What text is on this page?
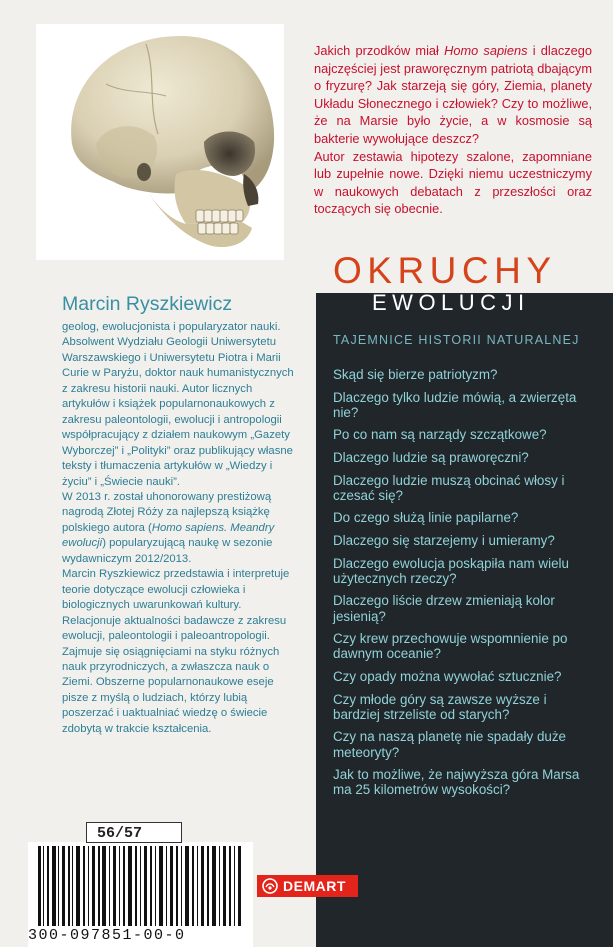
Jakich przodków miał Homo sapiens i dlaczego najczęściej jest praworęcznym patriotą dbającym o fryzurę? Jak starzeją się góry, Ziemia, planety Układu Słonecznego i człowiek? Czy to możliwe, że na Marsie było życie, a w kosmosie są bakterie wywołujące deszcz?

Autor zestawia hipotezy szalone, zapomniane lub zupełnie nowe. Dzięki niemu uczestniczymy w naukowych debatach z przeszłości oraz toczących się obecnie.

OKRUCHY
EWOLUCJI
TAJEMNICE HISTORII NATURALNEJ
Skąd się bierze patriotyzm?
Dlaczego tylko ludzie mówią, a zwierzęta nie?
Po co nam są narządy szczątkowe?
Dlaczego ludzie są praworęczni?
Dlaczego ludzie muszą obcinać włosy i czesać się?
Do czego służą linie papilarne?
Dlaczego się starzejemy i umieramy?
Dlaczego ewolucja poskąpiła nam wielu użytecznych rzeczy?
Dlaczego liście drzew zmieniają kolor jesienią?
Czy krew przechowuje wspomnienie po dawnym oceanie?
Czy opady można wywołać sztucznie?
Czy młode góry są zawsze wyższe i bardziej strzeliste od starych?
Czy na naszą planetę nie spadały duże meteoryty?
Jak to możliwe, że najwyższa góra Marsa ma 25 kilometrów wysokości?
Marcin Ryszkiewicz

geolog, ewolucjonista i popularyzator nauki. Absolwent Wydziału Geologii Uniwersytetu Warszawskiego i Uniwersytetu Piotra i Marii Curie w Paryżu, doktor nauk humanistycznych z zakresu historii nauki. Autor licznych artykułów i książek popularnonaukowych z zakresu paleontologii, ewolucji i antropologii współpracujący z działem naukowym „Gazety Wyborczej” i „Polityki” oraz publikujący własne teksty i tłumaczenia artykułów w „Wiedzy i życiu” i „Świecie nauki”.

W 2013 r. został uhonorowany prestiżową nagrodą Złotej Róży za najlepszą książkę polskiego autora (Homo sapiens. Meandry ewolucji) popularyzującą naukę w sezonie wydawniczym 2012/2013.

Marcin Ryszkiewicz przedstawia i interpretuje teorie dotyczące ewolucji człowieka i biologicznych uwarunkowań kultury. Relacjonuje aktualności badawcze z zakresu ewolucji, paleontologii i paleoantropologii. Zajmuje się osiągnięciami na styku różnych nauk przyrodniczych, a zwłaszcza nauk o Ziemi. Obszerne popularnonaukowe eseje pisze z myślą o ludziach, którzy lubią poszerzać i uaktualniać wiedzę o świecie zdobytą w trakcie kształcenia.

56/57
300-097851-00-0
DEMART
